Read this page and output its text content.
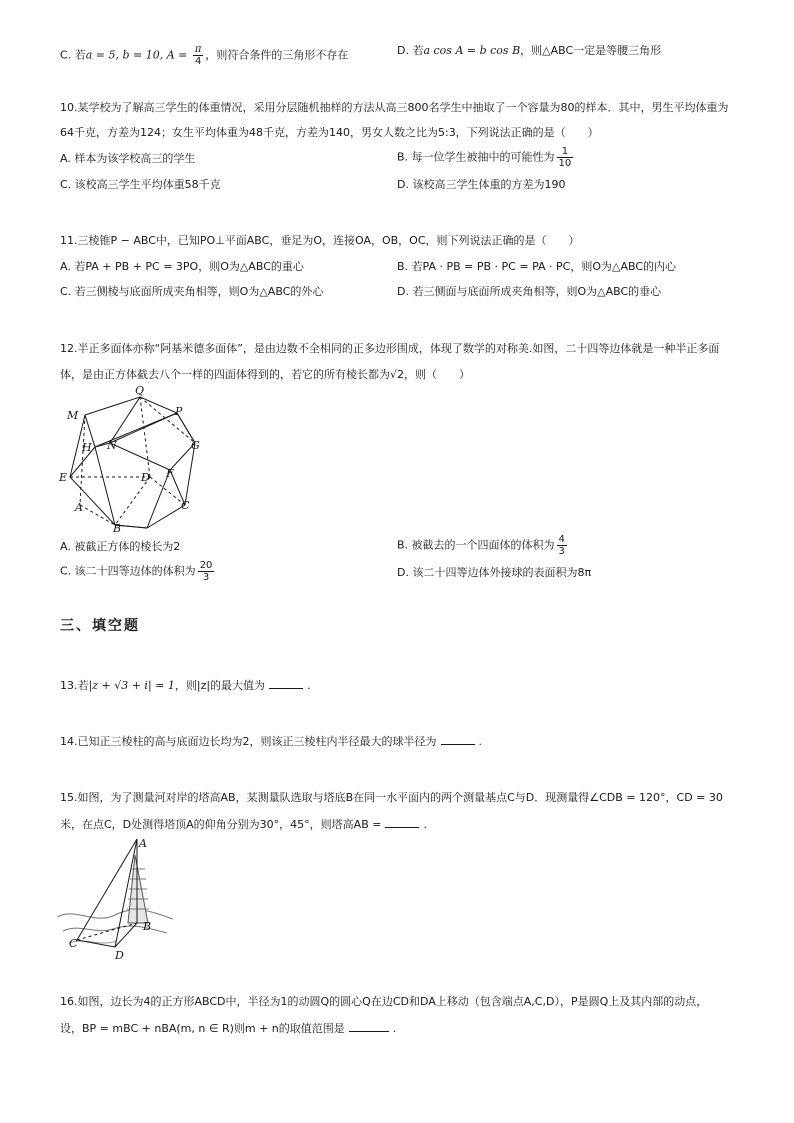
C. 若a = 5, b = 10, $A = \frac{\pi}{4}$ ，则符合条件的三角形不存在	D. 若a cos A = b cos B，则△ABC一定是等腰三角形
10.某学校为了解高三学生的体重情况，采用分层随机抽样的方法从高三800名学生中抽取了一个容量为80的样本．其中，男生平均体重为
64千克，方差为124；女生平均体重为48千克，方差为140，男女人数之比为5:3，下列说法正确的是（　　）
A. 样本为该学校高三的学生	B. 每一位学生被抽中的可能性为 $\frac{1}{10}$
C. 该校高三学生平均体重58千克	D. 该校高三学生体重的方差为190
11.三棱锥P − ABC中，已知PO⊥平面ABC，垂足为O，连接OA，OB，OC，则下列说法正确的是（　　）
A. 若PA + PB + PC = 3PO，则O为△ABC的重心	B. 若PA · PB = PB · PC = PA · PC，则O为△ABC的内心
C. 若三侧棱与底面所成夹角相等，则O为△ABC的外心	D. 若三侧面与底面所成夹角相等，则O为△ABC的垂心
12.半正多面体亦称“阿基米德多面体”，是由边数不全相同的正多边形围成，体现了数学的对称美.如图，二十四等边体就是一种半正多面
体，是由正方体截去八个一样的四面体得到的，若它的所有棱长都为√2，则（　　）
Q
M	P
H N	G
E	D F
A	C
B
A. 被截正方体的棱长为2	B. 被截去的一个四面体的体积为 $\frac{4}{3}$
C. 该二十四等边体的体积为 $\frac{20}{3}$	D. 该二十四等边体外接球的表面积为8π
三、填空题
13.若|z + √3 + i| = 1，则|z|的最大值为	.
14.已知正三棱柱的高与底面边长均为2，则该正三棱柱内半径最大的球半径为	.
15.如图，为了测量河对岸的塔高AB，某测量队选取与塔底B在同一水平面内的两个测量基点C与D．现测量得∠CDB = 120°，CD = 30
米，在点C，D处测得塔顶A的仰角分别为30°，45°，则塔高AB =	.
A
B
C
D
16.如图，边长为4的正方形ABCD中，半径为1的动圆Q的圆心Q在边CD和DA上移动（包含端点A,C,D），P是圆Q上及其内部的动点，
设，BP = mBC + nBA(m, n ∈ R)则m + n的取值范围是	.
